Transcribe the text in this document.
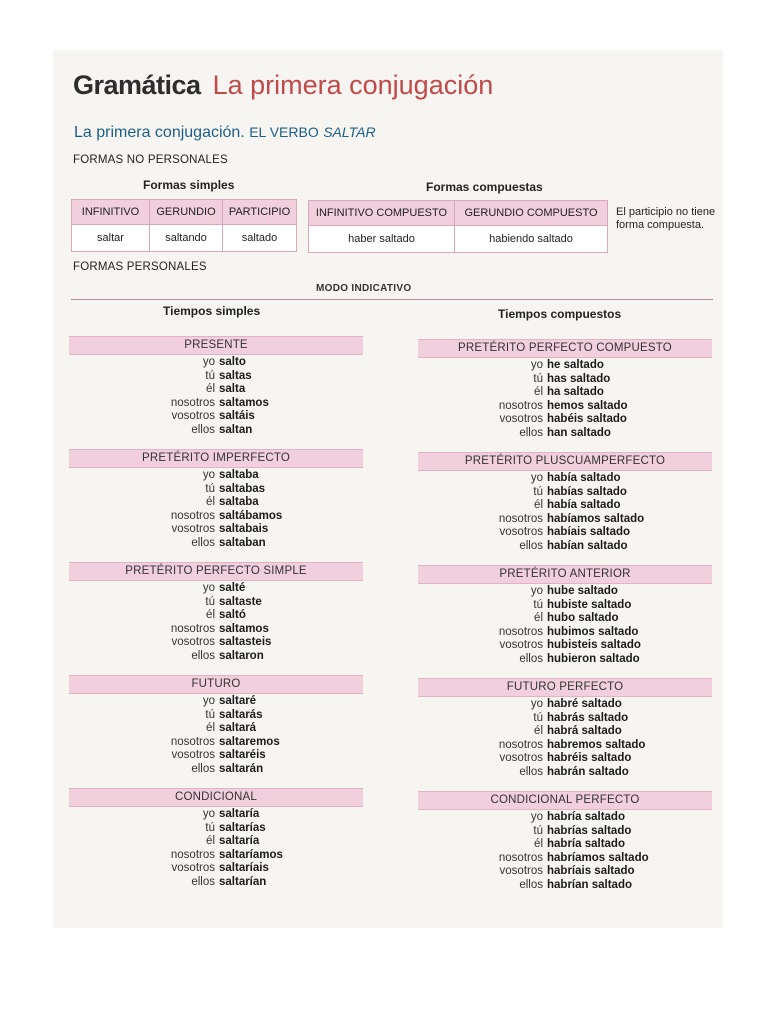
Gramática La primera conjugación
La primera conjugación. EL VERBO SALTAR
FORMAS NO PERSONALES
Formas simples	Formas compuestas
INFINITIVO	GERUNDIO	PARTICIPIO
saltar	saltando	saltado
INFINITIVO COMPUESTO	GERUNDIO COMPUESTO
haber saltado	habiendo saltado
El participio no tiene forma compuesta.
FORMAS PERSONALES
MODO INDICATIVO
Tiempos simples	Tiempos compuestos
PRESENTE
yo salto
tú saltas
él salta
nosotros saltamos
vosotros saltáis
ellos saltan
PRETÉRITO IMPERFECTO
yo saltaba
tú saltabas
él saltaba
nosotros saltábamos
vosotros saltabais
ellos saltaban
PRETÉRITO PERFECTO SIMPLE
yo salté
tú saltaste
él saltó
nosotros saltamos
vosotros saltasteis
ellos saltaron
FUTURO
yo saltaré
tú saltarás
él saltará
nosotros saltaremos
vosotros saltaréis
ellos saltarán
CONDICIONAL
yo saltaría
tú saltarías
él saltaría
nosotros saltaríamos
vosotros saltaríais
ellos saltarían
PRETÉRITO PERFECTO COMPUESTO
yo he saltado
tú has saltado
él ha saltado
nosotros hemos saltado
vosotros habéis saltado
ellos han saltado
PRETÉRITO PLUSCUAMPERFECTO
yo había saltado
tú habías saltado
él había saltado
nosotros habíamos saltado
vosotros habíais saltado
ellos habían saltado
PRETÉRITO ANTERIOR
yo hube saltado
tú hubiste saltado
él hubo saltado
nosotros hubimos saltado
vosotros hubisteis saltado
ellos hubieron saltado
FUTURO PERFECTO
yo habré saltado
tú habrás saltado
él habrá saltado
nosotros habremos saltado
vosotros habréis saltado
ellos habrán saltado
CONDICIONAL PERFECTO
yo habría saltado
tú habrías saltado
él habría saltado
nosotros habríamos saltado
vosotros habríais saltado
ellos habrían saltado
